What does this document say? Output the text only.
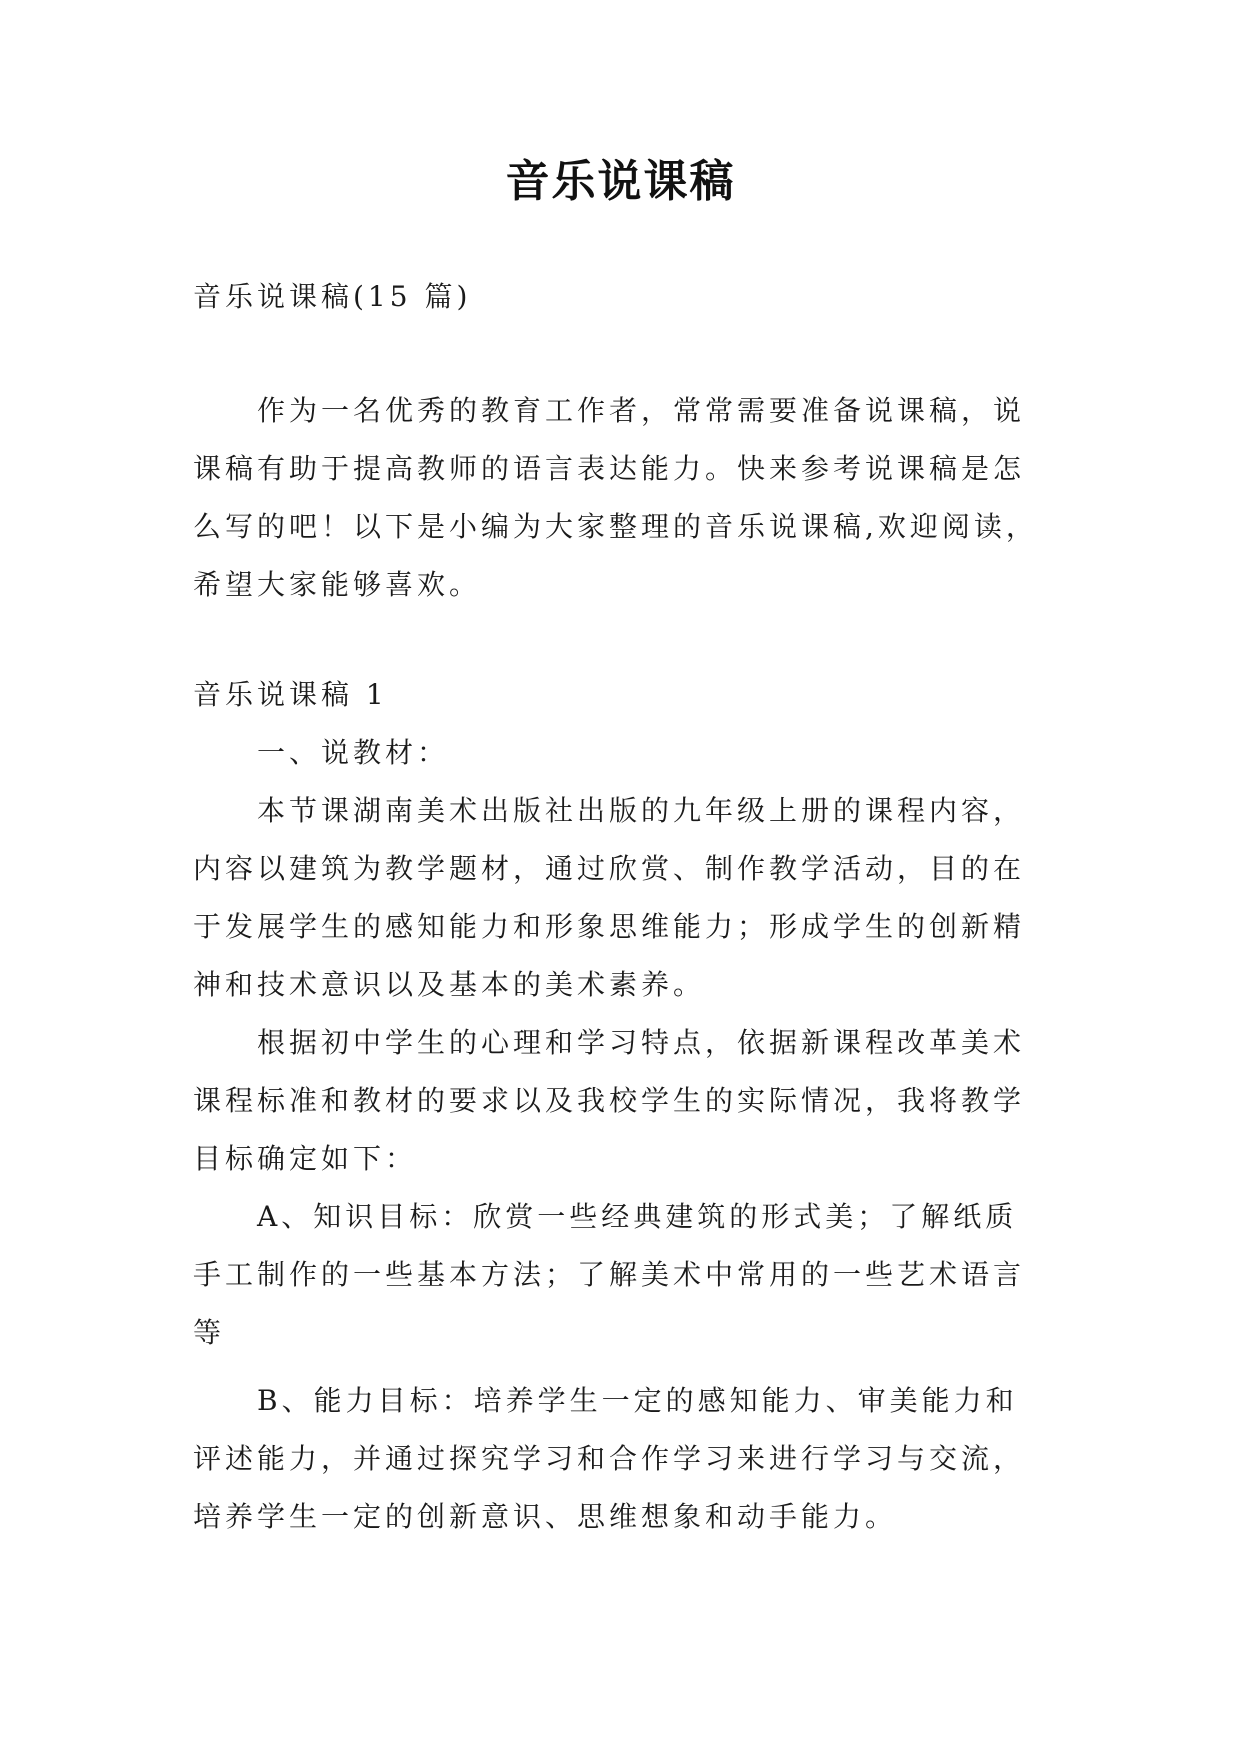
音乐说课稿
音乐说课稿(15 篇)
作为一名优秀的教育工作者，常常需要准备说课稿，说
课稿有助于提高教师的语言表达能力。快来参考说课稿是怎
么写的吧！以下是小编为大家整理的音乐说课稿,欢迎阅读，
希望大家能够喜欢。
音乐说课稿 1
一、说教材：
本节课湖南美术出版社出版的九年级上册的课程内容，
内容以建筑为教学题材，通过欣赏、制作教学活动，目的在
于发展学生的感知能力和形象思维能力；形成学生的创新精
神和技术意识以及基本的美术素养。
根据初中学生的心理和学习特点，依据新课程改革美术
课程标准和教材的要求以及我校学生的实际情况，我将教学
目标确定如下：
A、知识目标：欣赏一些经典建筑的形式美；了解纸质
手工制作的一些基本方法；了解美术中常用的一些艺术语言
等
B、能力目标：培养学生一定的感知能力、审美能力和
评述能力，并通过探究学习和合作学习来进行学习与交流，
培养学生一定的创新意识、思维想象和动手能力。
